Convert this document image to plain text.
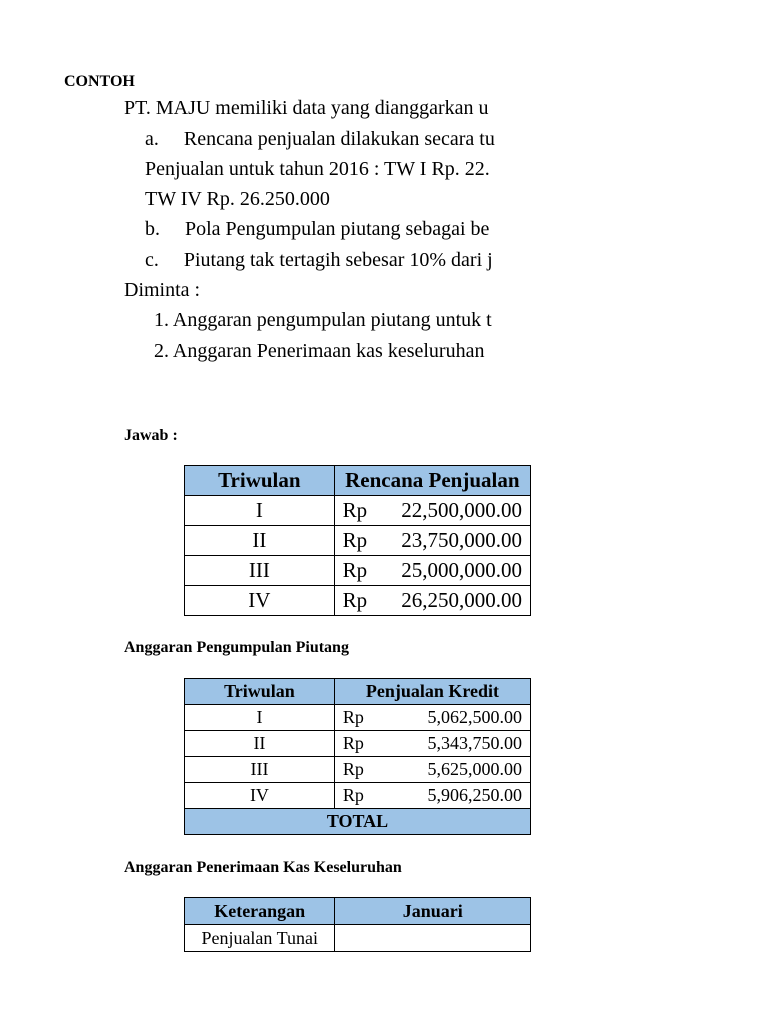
CONTOH
PT. MAJU memiliki data yang dianggarkan u
a.     Rencana penjualan dilakukan secara tu
Penjualan untuk tahun 2016 : TW I Rp. 22.
TW IV Rp. 26.250.000
b.     Pola Pengumpulan piutang sebagai be
c.     Piutang tak tertagih sebesar 10% dari j
Diminta :
1. Anggaran pengumpulan piutang untuk t
2. Anggaran Penerimaan kas keseluruhan
Jawab :
Triwulan	Rencana Penjualan
I	Rp 22,500,000.00

II	Rp 23,750,000.00

III	Rp 25,000,000.00

IV	Rp 26,250,000.00
Anggaran Pengumpulan Piutang
Triwulan	Penjualan Kredit
I	Rp 5,062,500.00

II	Rp 5,343,750.00

III	Rp 5,625,000.00

IV	Rp 5,906,250.00

TOTAL	
Anggaran Penerimaan Kas Keseluruhan
Keterangan	Januari
Penjualan Tunai	
